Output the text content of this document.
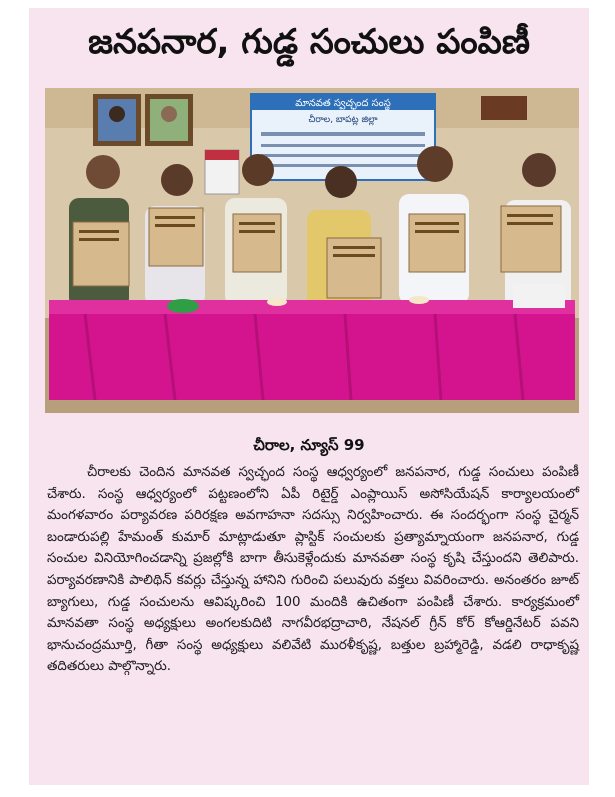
జనపనార, గుడ్డ సంచులు పంపిణీ
మానవత స్వచ్ఛంద సంస్థ
చీరాల, బాపట్ల జిల్లా
చీరాల, న్యూస్ 99
చీరాలకు చెందిన మానవత స్వచ్ఛంద సంస్థ ఆధ్వర్యంలో జనపనార, గుడ్డ సంచులు పంపిణీ చేశారు. సంస్థ ఆధ్వర్యంలో పట్టణంలోని ఏపీ రిటైర్డ్ ఎంప్లాయిస్ అసోసియేషన్ కార్యాలయంలో మంగళవారం పర్యావరణ పరిరక్షణ అవగాహనా సదస్సు నిర్వహించారు. ఈ సందర్భంగా సంస్థ చైర్మన్ బండారుపల్లి హేమంత్ కుమార్ మాట్లాడుతూ ప్లాస్టిక్ సంచులకు ప్రత్యామ్నాయంగా జనపనార, గుడ్డ సంచుల వినియోగించడాన్ని ప్రజల్లోకి బాగా తీసుకెళ్లేందుకు మానవతా సంస్థ కృషి చేస్తుందని తెలిపారు. పర్యావరణానికి పాలిథిన్ కవర్లు చేస్తున్న హానిని గురించి పలువురు వక్తలు వివరించారు. అనంతరం జూట్ బ్యాగులు, గుడ్డ సంచులను ఆవిష్కరించి 100 మందికి ఉచితంగా పంపిణీ చేశారు. కార్యక్రమంలో మానవతా సంస్థ అధ్యక్షులు అంగలకుదిటి నాగవీరభద్రాచారి, నేషనల్ గ్రీన్ కోర్ కోఆర్డినేటర్ పవని భానుచంద్రమూర్తి, గీతా సంస్థ అధ్యక్షులు వలివేటి మురళీకృష్ణ, బత్తుల బ్రహ్మారెడ్డి, వడలి రాధాకృష్ణ తదితరులు పాల్గొన్నారు.
